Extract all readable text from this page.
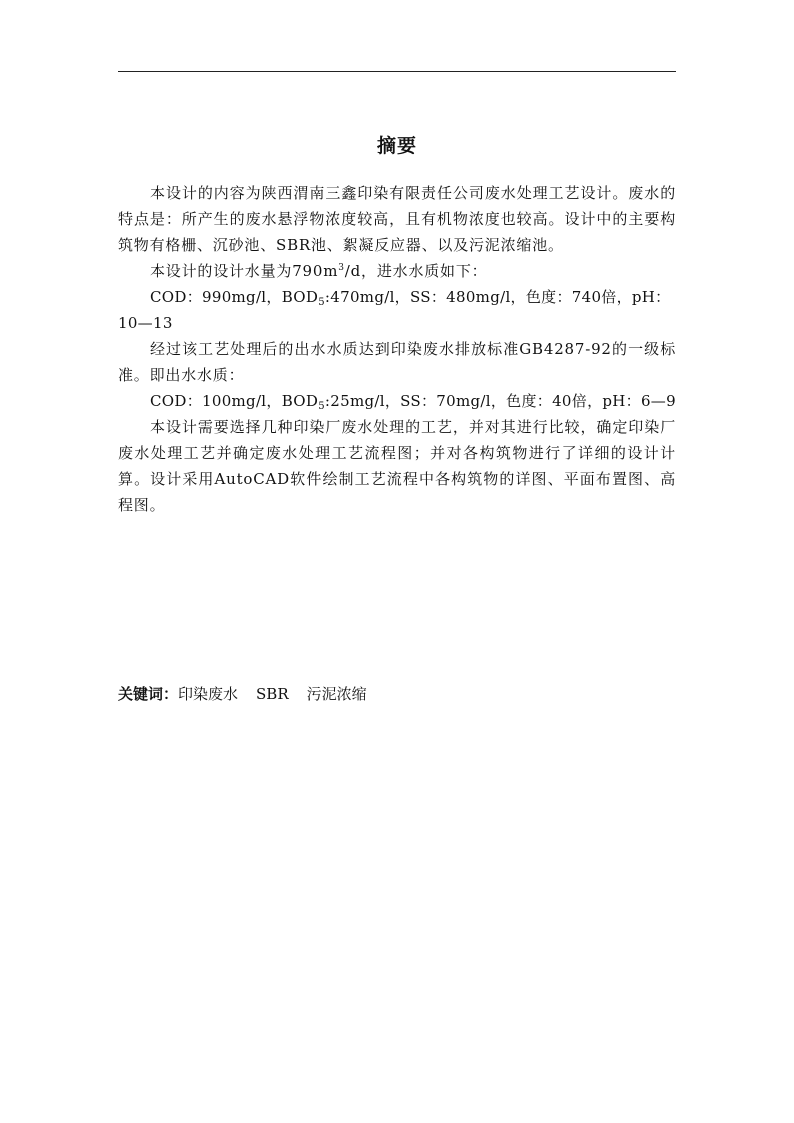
摘要

本设计的内容为陕西渭南三鑫印染有限责任公司废水处理工艺设计。废水的特点是：所产生的废水悬浮物浓度较高，且有机物浓度也较高。设计中的主要构筑物有格栅、沉砂池、SBR池、絮凝反应器、以及污泥浓缩池。

本设计的设计水量为$790m^3/d$，进水水质如下：

COD：990mg/l，$BOD_5:470mg/l$，SS：480mg/l，色度：740倍，pH：10—13

经过该工艺处理后的出水水质达到印染废水排放标准GB4287-92的一级标准。即出水水质：

COD：100mg/l，$BOD_5:25mg/l$，SS：70mg/l，色度：40倍，pH：6—9

本设计需要选择几种印染厂废水处理的工艺，并对其进行比较，确定印染厂废水处理工艺并确定废水处理工艺流程图；并对各构筑物进行了详细的设计计算。设计采用AutoCAD软件绘制工艺流程中各构筑物的详图、平面布置图、高程图。

关键词：印染废水 SBR 污泥浓缩
